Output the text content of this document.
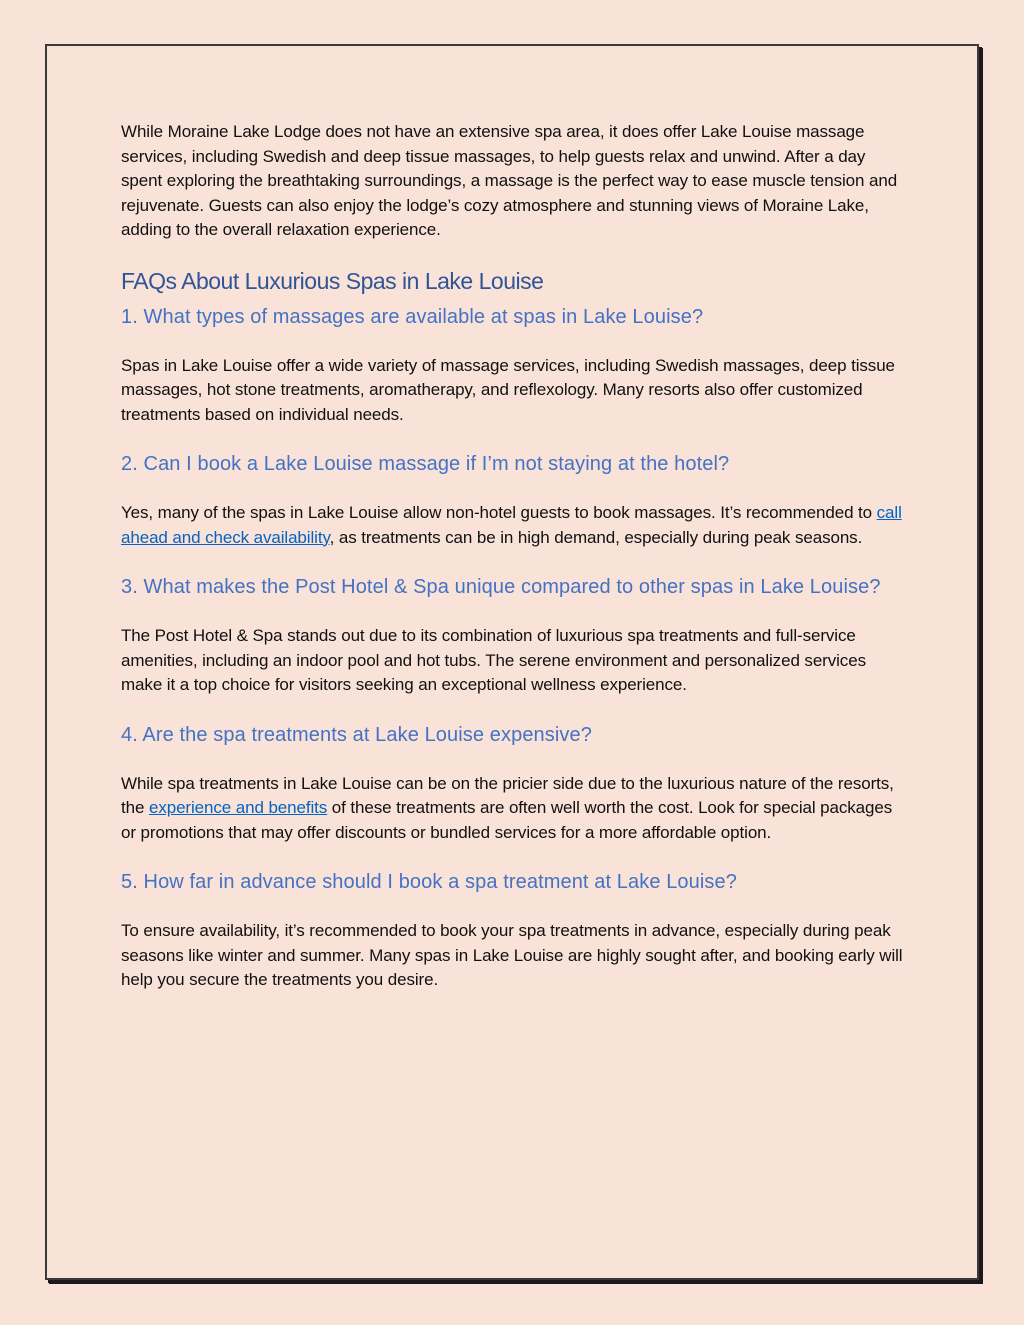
While Moraine Lake Lodge does not have an extensive spa area, it does offer Lake Louise massage services, including Swedish and deep tissue massages, to help guests relax and unwind. After a day spent exploring the breathtaking surroundings, a massage is the perfect way to ease muscle tension and rejuvenate. Guests can also enjoy the lodge’s cozy atmosphere and stunning views of Moraine Lake, adding to the overall relaxation experience.

FAQs About Luxurious Spas in Lake Louise
1. What types of massages are available at spas in Lake Louise?

Spas in Lake Louise offer a wide variety of massage services, including Swedish massages, deep tissue massages, hot stone treatments, aromatherapy, and reflexology. Many resorts also offer customized treatments based on individual needs.

2. Can I book a Lake Louise massage if I’m not staying at the hotel?

Yes, many of the spas in Lake Louise allow non-hotel guests to book massages. It’s recommended to call ahead and check availability, as treatments can be in high demand, especially during peak seasons.

3. What makes the Post Hotel & Spa unique compared to other spas in Lake Louise?

The Post Hotel & Spa stands out due to its combination of luxurious spa treatments and full-service amenities, including an indoor pool and hot tubs. The serene environment and personalized services make it a top choice for visitors seeking an exceptional wellness experience.

4. Are the spa treatments at Lake Louise expensive?

While spa treatments in Lake Louise can be on the pricier side due to the luxurious nature of the resorts, the experience and benefits of these treatments are often well worth the cost. Look for special packages or promotions that may offer discounts or bundled services for a more affordable option.

5. How far in advance should I book a spa treatment at Lake Louise?

To ensure availability, it’s recommended to book your spa treatments in advance, especially during peak seasons like winter and summer. Many spas in Lake Louise are highly sought after, and booking early will help you secure the treatments you desire.
